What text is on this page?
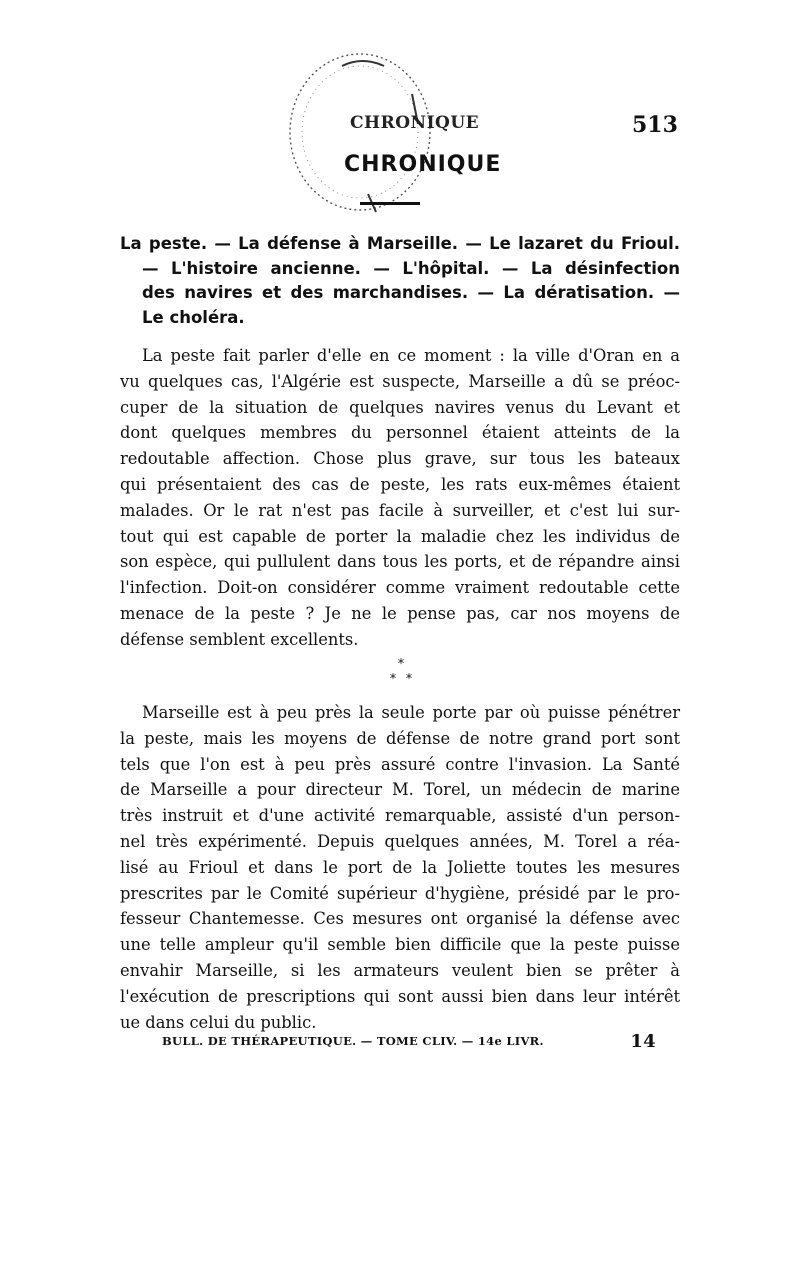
CHRONIQUE	513
CHRONIQUE
La peste. — La défense à Marseille. — Le lazaret du Frioul.
— L'histoire ancienne. — L'hôpital. — La désinfection
des navires et des marchandises. — La dératisation. —
Le choléra.
La peste fait parler d'elle en ce moment : la ville d'Oran en a
vu quelques cas, l'Algérie est suspecte, Marseille a dû se préoc-
cuper de la situation de quelques navires venus du Levant et
dont quelques membres du personnel étaient atteints de la
redoutable affection. Chose plus grave, sur tous les bateaux
qui présentaient des cas de peste, les rats eux-mêmes étaient
malades. Or le rat n'est pas facile à surveiller, et c'est lui sur-
tout qui est capable de porter la maladie chez les individus de
son espèce, qui pullulent dans tous les ports, et de répandre ainsi
l'infection. Doit-on considérer comme vraiment redoutable cette
menace de la peste ? Je ne le pense pas, car nos moyens de
défense semblent excellents.
*
* *
Marseille est à peu près la seule porte par où puisse pénétrer
la peste, mais les moyens de défense de notre grand port sont
tels que l'on est à peu près assuré contre l'invasion. La Santé
de Marseille a pour directeur M. Torel, un médecin de marine
très instruit et d'une activité remarquable, assisté d'un person-
nel très expérimenté. Depuis quelques années, M. Torel a réa-
lisé au Frioul et dans le port de la Joliette toutes les mesures
prescrites par le Comité supérieur d'hygiène, présidé par le pro-
fesseur Chantemesse. Ces mesures ont organisé la défense avec
une telle ampleur qu'il semble bien difficile que la peste puisse
envahir Marseille, si les armateurs veulent bien se prêter à
l'exécution de prescriptions qui sont aussi bien dans leur intérêt
ue dans celui du public.
BULL. DE THÉRAPEUTIQUE. — TOME CLIV. — 14e LIVR.	14
